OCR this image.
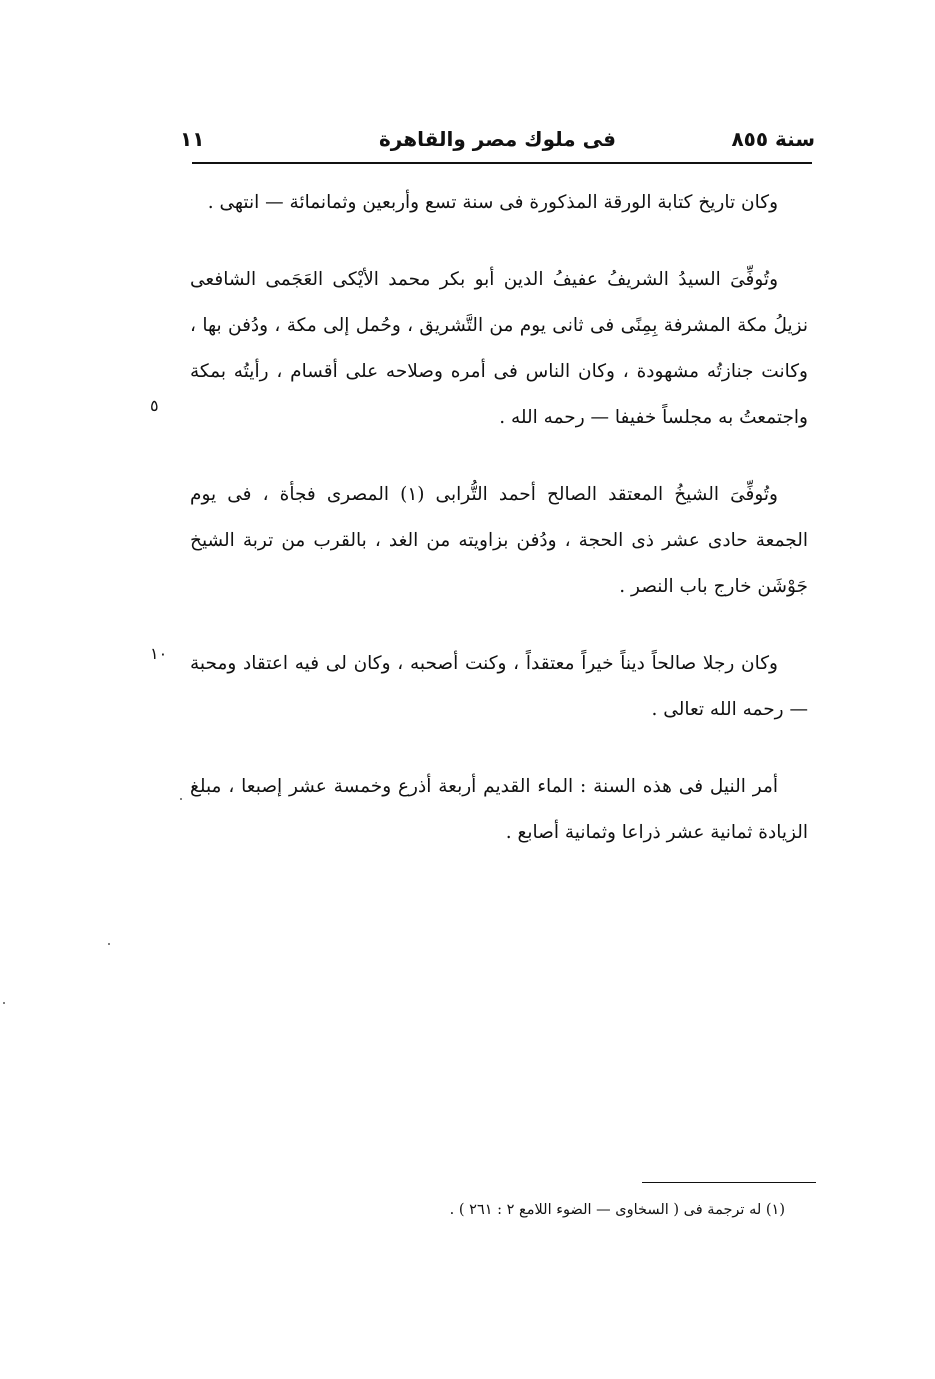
سنة ٨٥٥
فى ملوك مصر والقاهرة
١١

وكان تاريخ كتابة الورقة المذكورة فى سنة تسع وأربعين وثمانمائة — انتهى .

وتُوفِّىَ السيدُ الشريفُ عفيفُ الدين أبو بكر محمد الأيْكى العَجَمى الشافعى نزيلُ مكة المشرفة بِمِنًى فى ثانى يوم من التَّشريق ، وحُمل إلى مكة ، ودُفن بها ، وكانت جنازتُه مشهودة ، وكان الناس فى أمره وصلاحه على أقسام ، رأيتُه بمكة واجتمعتُ به مجلساً خفيفا — رحمه الله .

وتُوفِّىَ الشيخُ المعتقد الصالح أحمد التُّرابى (١) المصرى فجأة ، فى يوم الجمعة حادى عشر ذى الحجة ، ودُفن بزاويته من الغد ، بالقرب من تربة الشيخ جَوْشَن خارج باب النصر .

وكان رجلا صالحاً ديناً خيراً معتقداً ، وكنت أصحبه ، وكان لى فيه اعتقاد ومحبة — رحمه الله تعالى .

أمر النيل فى هذه السنة : الماء القديم أربعة أذرع وخمسة عشر إصبعا ، مبلغ الزيادة ثمانية عشر ذراعا وثمانية أصابع .

٥
١٠
(١) له ترجمة فى ( السخاوى — الضوء اللامع ٢ : ٢٦١ ) .
